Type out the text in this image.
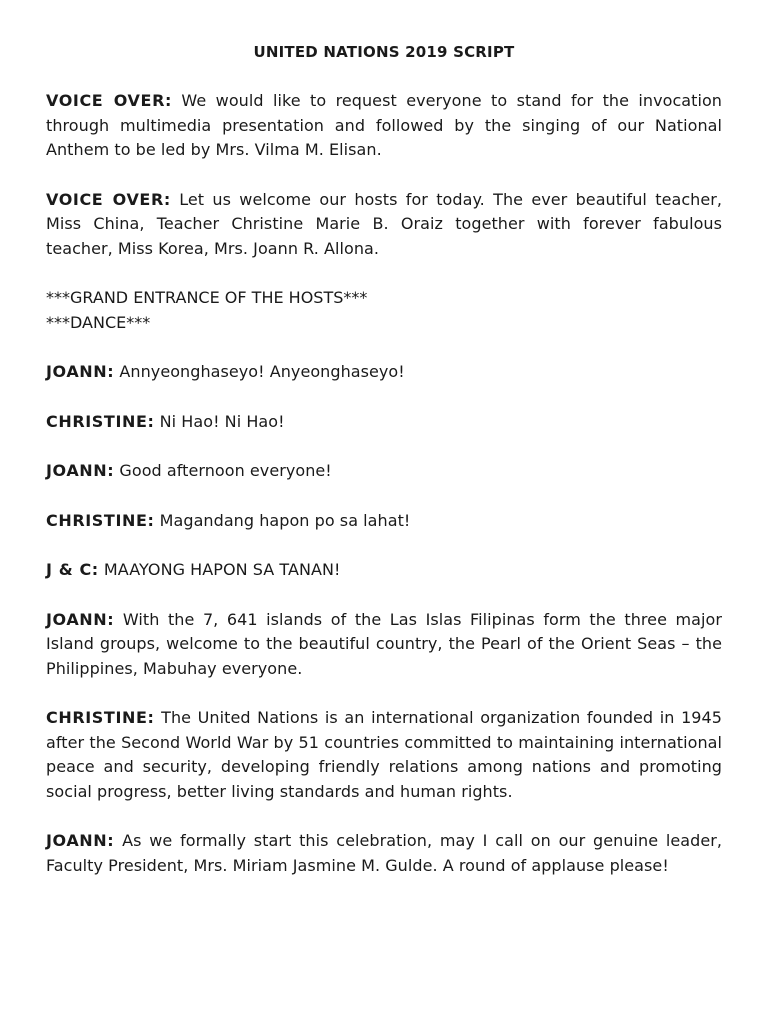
UNITED NATIONS 2019 SCRIPT

VOICE OVER: We would like to request everyone to stand for the invocation through multimedia presentation and followed by the singing of our National Anthem to be led by Mrs. Vilma M. Elisan.

VOICE OVER: Let us welcome our hosts for today. The ever beautiful teacher, Miss China, Teacher Christine Marie B. Oraiz together with forever fabulous teacher, Miss Korea, Mrs. Joann R. Allona.

***GRAND ENTRANCE OF THE HOSTS***

***DANCE***

JOANN: Annyeonghaseyo! Anyeonghaseyo!

CHRISTINE: Ni Hao! Ni Hao!

JOANN: Good afternoon everyone!

CHRISTINE: Magandang hapon po sa lahat!

J & C: MAAYONG HAPON SA TANAN!

JOANN: With the 7, 641 islands of the Las Islas Filipinas form the three major Island groups, welcome to the beautiful country, the Pearl of the Orient Seas – the Philippines, Mabuhay everyone.

CHRISTINE: The United Nations is an international organization founded in 1945 after the Second World War by 51 countries committed to maintaining international peace and security, developing friendly relations among nations and promoting social progress, better living standards and human rights.

JOANN: As we formally start this celebration, may I call on our genuine leader, Faculty President, Mrs. Miriam Jasmine M. Gulde. A round of applause please!
